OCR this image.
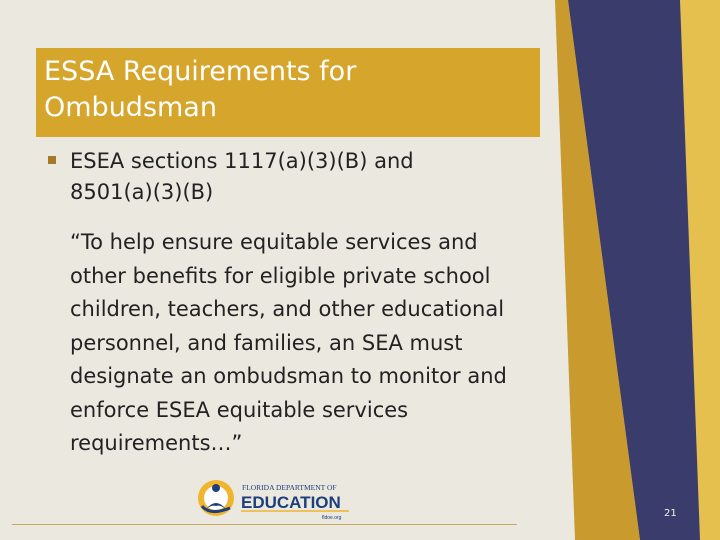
ESSA Requirements for
Ombudsman

ESEA sections 1117(a)(3)(B) and
8501(a)(3)(B)
“To help ensure equitable services and
other benefits for eligible private school
children, teachers, and other educational
personnel, and families, an SEA must
designate an ombudsman to monitor and
enforce ESEA equitable services
requirements…”
FLORIDA DEPARTMENT OF
EDUCATION
fldoe.org	21
